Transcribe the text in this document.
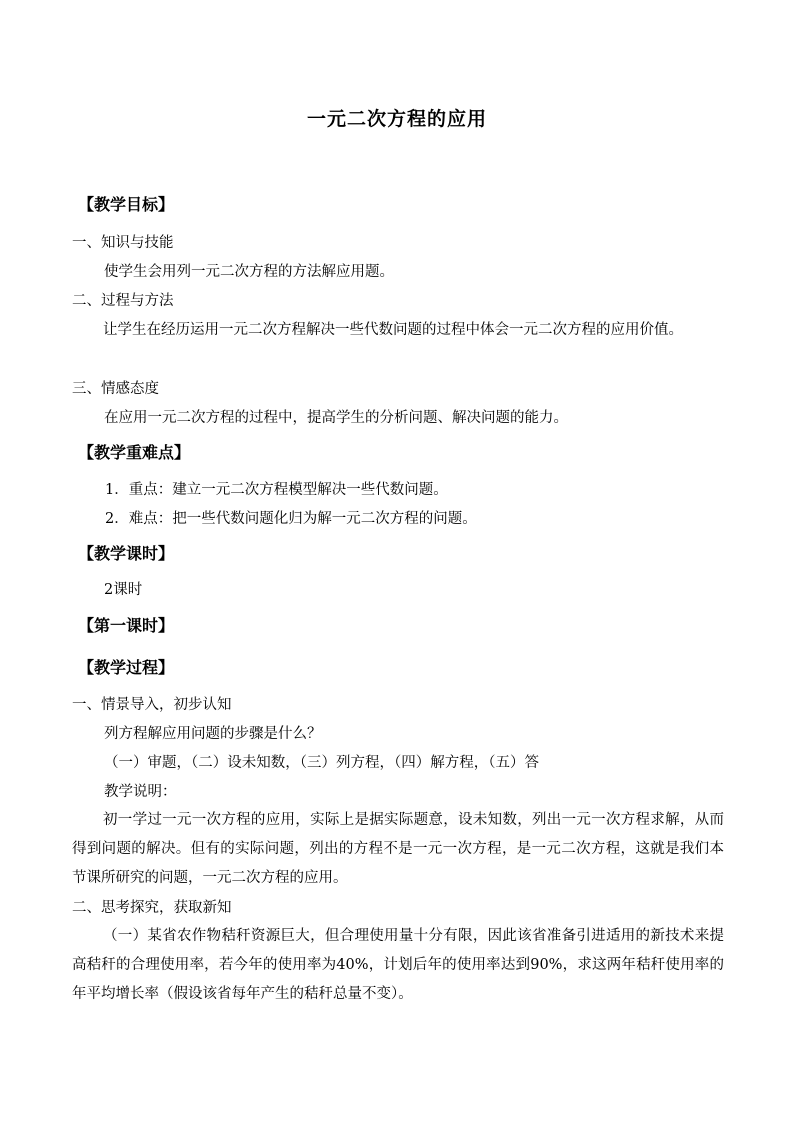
一元二次方程的应用
【教学目标】
一、知识与技能
使学生会用列一元二次方程的方法解应用题。
二、过程与方法
让学生在经历运用一元二次方程解决一些代数问题的过程中体会一元二次方程的应用价值。
三、情感态度
在应用一元二次方程的过程中，提高学生的分析问题、解决问题的能力。
【教学重难点】
1．重点：建立一元二次方程模型解决一些代数问题。
2．难点：把一些代数问题化归为解一元二次方程的问题。
【教学课时】
2课时
【第一课时】
【教学过程】
一、情景导入，初步认知
列方程解应用问题的步骤是什么？
（一）审题，（二）设未知数，（三）列方程，（四）解方程，（五）答
教学说明：
初一学过一元一次方程的应用，实际上是据实际题意，设未知数，列出一元一次方程求解，从而得到问题的解决。但有的实际问题，列出的方程不是一元一次方程，是一元二次方程，这就是我们本节课所研究的问题，一元二次方程的应用。
二、思考探究，获取新知
（一）某省农作物秸秆资源巨大，但合理使用量十分有限，因此该省准备引进适用的新技术来提高秸秆的合理使用率，若今年的使用率为40%，计划后年的使用率达到90%，求这两年秸秆使用率的年平均增长率（假设该省每年产生的秸秆总量不变）。
